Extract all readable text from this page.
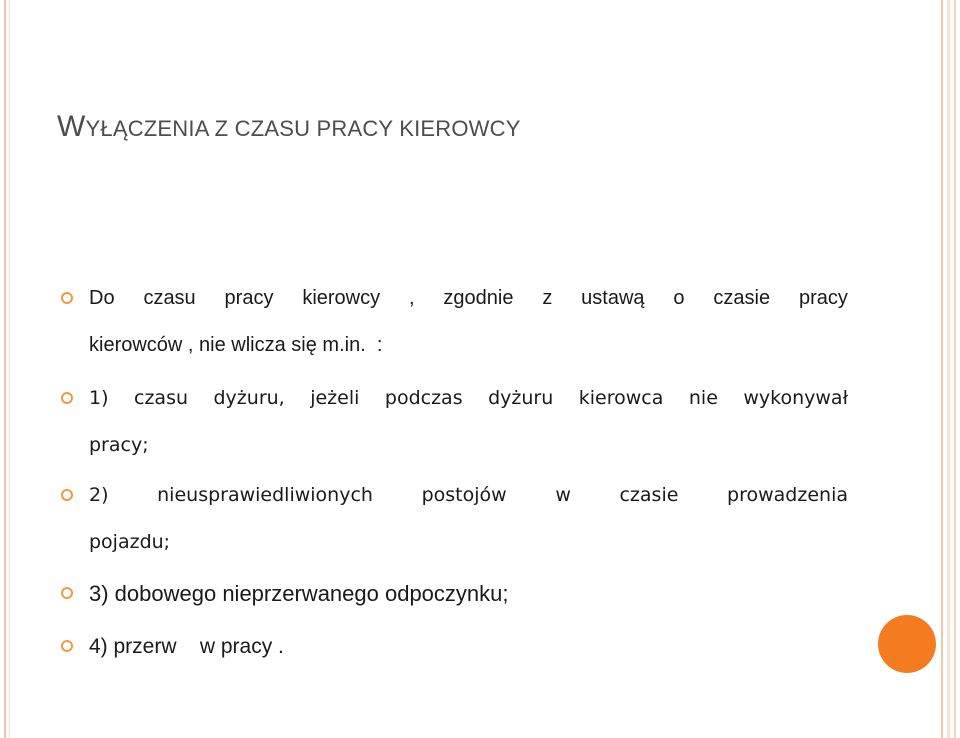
WYŁĄCZENIA Z CZASU PRACY KIEROWCY
Do czasu pracy kierowcy , zgodnie z ustawą o czasie pracy
kierowców , nie wlicza się m.in.  :
1) czasu dyżuru, jeżeli podczas dyżuru kierowca nie wykonywał
pracy;
2)	nieusprawiedliwionych	postojów	w	czasie	prowadzenia
pojazdu;
3) dobowego nieprzerwanego odpoczynku;
4) przerw    w pracy .
